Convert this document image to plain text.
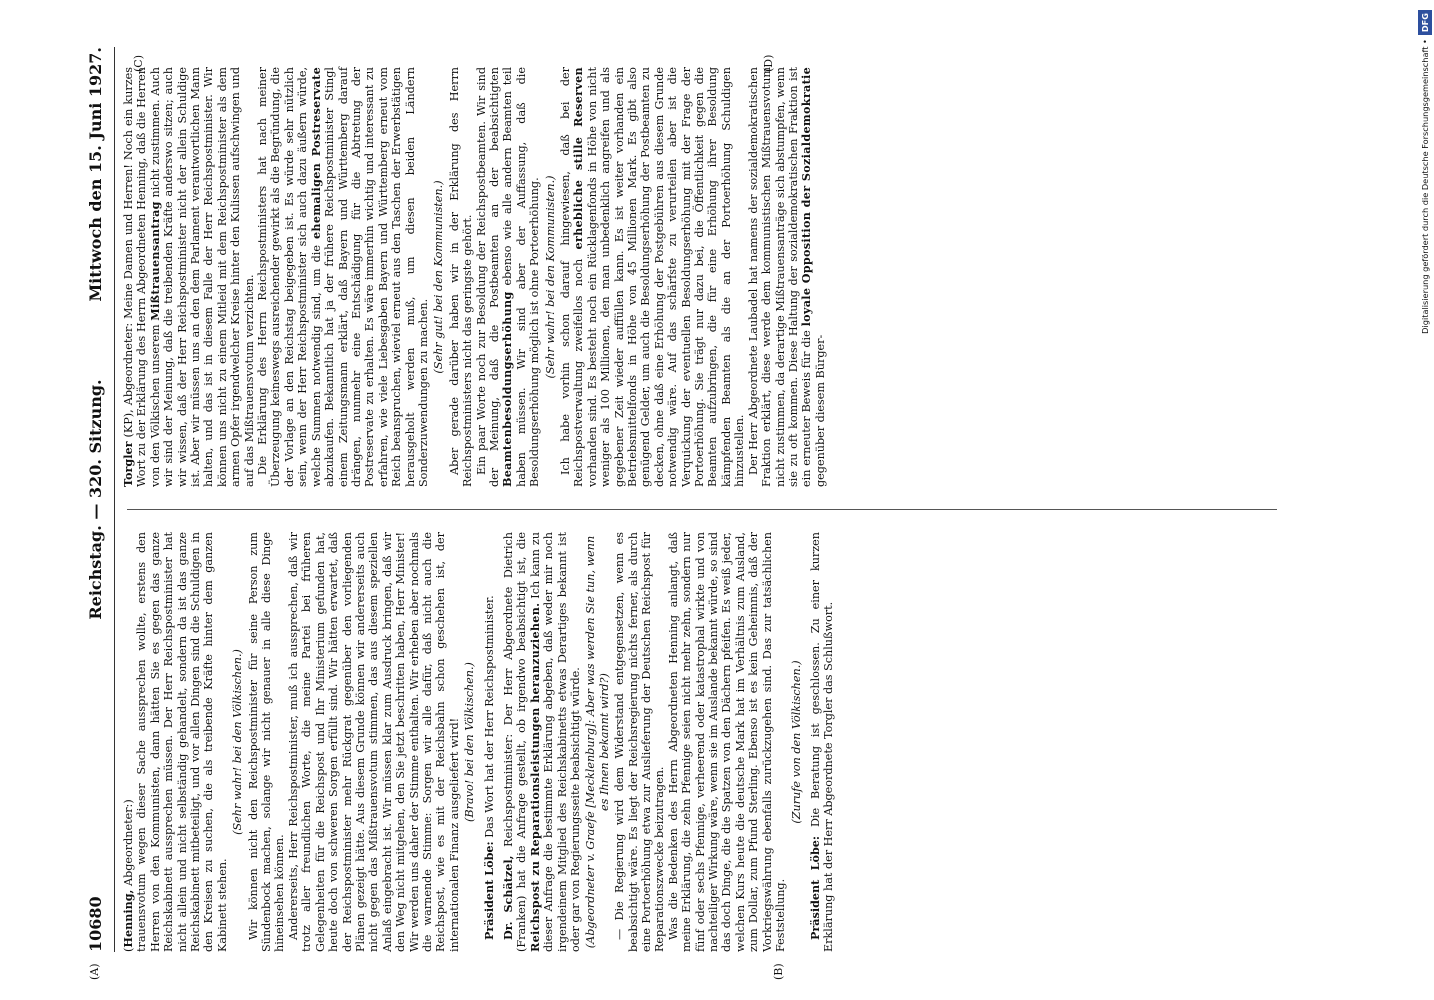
10680
Reichstag. — 320. Sitzung.
Mittwoch den 15. Juni 1927.

(Henning, Abgeordneter:) trauensvotum wegen dieser Sache aussprechen wollte, erstens den Herren von den Kommunisten, dann hätten Sie es gegen das ganze Reichskabinett aussprechen müssen. Der Herr Reichspostminister hat nicht allein und nicht selbständig gehandelt, sondern da ist das ganze Reichskabinett mitbeteiligt, und vor allen Dingen sind die Schuldigen in den Kreisen zu suchen, die als treibende Kräfte hinter dem ganzen Kabinett stehen.

(Sehr wahr! bei den Völkischen.) Wir können nicht den Reichspostminister für seine Person zum Sündenbock machen, solange wir nicht genauer in alle diese Dinge hineinsehen können. Andererseits, Herr Reichspostminister, muß ich aussprechen, daß wir trotz aller freundlichen Worte, die meine Partei bei früheren Gelegenheiten für die Reichspost und Ihr Ministerium gefunden hat, heute doch von schweren Sorgen erfüllt sind. Wir hätten erwartet, daß der Reichspostminister mehr Rückgrat gegenüber den vorliegenden Plänen gezeigt hätte. Aus diesem Grunde können wir andererseits auch nicht gegen das Mißtrauensvotum stimmen, das aus diesem speziellen Anlaß eingebracht ist. Wir müssen klar zum Ausdruck bringen, daß wir den Weg nicht mitgehen, den Sie jetzt beschritten haben, Herr Minister! Wir werden uns daher der Stimme enthalten. Wir erheben aber nochmals die warnende Stimme: Sorgen wir alle dafür, daß nicht auch die Reichspost, wie es mit der Reichsbahn schon geschehen ist, der internationalen Finanz ausgeliefert wird! (Bravo! bei den Völkischen.)

Präsident Löbe: Das Wort hat der Herr Reichspostminister.

Dr. Schätzel, Reichspostminister: Der Herr Abgeordnete Dietrich (Franken) hat die Anfrage gestellt, ob irgendwo beabsichtigt ist, die Reichspost zu Reparationsleistungen heranzuziehen. Ich kann zu dieser Anfrage die bestimmte Erklärung abgeben, daß weder mir noch irgendeinem Mitglied des Reichskabinetts etwas Derartiges bekannt ist oder gar von Regierungsseite beabsichtigt würde. (Abgeordneter v. Graefe [Mecklenburg]: Aber was werden Sie tun, wenn es Ihnen bekannt wird?) — Die Regierung wird dem Widerstand entgegensetzen, wenn es beabsichtigt wäre. Es liegt der Reichsregierung nichts ferner, als durch eine Portoerhöhung etwa zur Auslieferung der Deutschen Reichspost für Reparationszwecke beizutragen. Was die Bedenken des Herrn Abgeordneten Henning anlangt, daß meine Erklärung, die zehn Pfennige seien nicht mehr zehn, sondern nur fünf oder sechs Pfennige, verheerend oder katastrophal wirkte und von nachteiliger Wirkung wäre, wenn sie im Auslande bekannt würde, so sind das doch Dinge, die die Spatzen von den Dächern pfeifen. Es weiß jeder, welchen Kurs heute die deutsche Mark hat im Verhältnis zum Ausland, zum Dollar, zum Pfund Sterling. Ebenso ist es kein Geheimnis, daß der Vorkriegswährung ebenfalls zurückzugehen sind. Das zur tatsächlichen Feststellung.

(Zurufe von den Völkischen.)

Präsident Löbe: Die Beratung ist geschlossen. Zu einer kurzen Erklärung hat der Herr Abgeordnete Torgler das Schlußwort.

Torgler (KP), Abgeordneter: Meine Damen und Herren! Noch ein kurzes Wort zu der Erklärung des Herrn Abgeordneten Henning, daß die Herren von den Völkischen unserem Mißtrauensantrag nicht zustimmen. Auch wir sind der Meinung, daß die treibenden Kräfte anderswo sitzen; auch wir wissen, daß der Herr Reichspostminister nicht der allein Schuldige ist. Aber wir müssen uns an den dem Parlament verantwortlichen Mann halten, und das ist in diesem Falle der Herr Reichspostminister. Wir können uns nicht zu einem Mitleid mit dem Reichspostminister als dem armen Opfer irgendwelcher Kreise hinter den Kulissen aufschwingen und auf das Mißtrauensvotum verzichten. Die Erklärung des Herrn Reichspostministers hat nach meiner Überzeugung keineswegs ausreichender gewirkt als die Begründung, die der Vorlage an den Reichstag beigegeben ist. Es würde sehr nützlich sein, wenn der Herr Reichspostminister sich auch dazu äußern würde, welche Summen notwendig sind, um die ehemaligen Postreservate abzukaufen. Bekanntlich hat ja der frühere Reichspostminister Stingl einem Zeitungsmann erklärt, daß Bayern und Württemberg darauf drängen, nunmehr eine Entschädigung für die Abtretung der Postreservate zu erhalten. Es wäre immerhin wichtig und interessant zu erfahren, wie viele Liebesgaben Bayern und Württemberg erneut vom Reich beanspruchen, wieviel erneut aus den Taschen der Erwerbstätigen herausgeholt werden muß, um diesen beiden Ländern Sonderzuwendungen zu machen.

(Sehr gut! bei den Kommunisten.) Aber gerade darüber haben wir in der Erklärung des Herrn Reichspostministers nicht das geringste gehört. Ein paar Worte noch zur Besoldung der Reichspostbeamten. Wir sind der Meinung, daß die Postbeamten an der beabsichtigten Beamtenbesoldungserhöhung ebenso wie alle andern Beamten teil haben müssen. Wir sind aber der Auffassung, daß die Besoldungserhöhung möglich ist ohne Portoerhöhung. (Sehr wahr! bei den Kommunisten.) Ich habe vorhin schon darauf hingewiesen, daß bei der Reichspostverwaltung zweifellos noch erhebliche stille Reserven vorhanden sind. Es besteht noch ein Rücklagenfonds in Höhe von nicht weniger als 100 Millionen, den man unbedenklich angreifen und als gegebener Zeit wieder auffüllen kann. Es ist weiter vorhanden ein Betriebsmittelfonds in Höhe von 45 Millionen Mark. Es gibt also genügend Gelder, um auch die Besoldungserhöhung der Postbeamten zu decken, ohne daß eine Erhöhung der Postgebühren aus diesem Grunde notwendig wäre. Auf das schärfste zu verurteilen aber ist die Verquickung der eventuellen Besoldungserhöhung mit der Frage der Portoerhöhung. Sie trägt nur dazu bei, die Öffentlichkeit gegen die Beamten aufzubringen, die für eine Erhöhung ihrer Besoldung kämpfenden Beamten als die an der Portoerhöhung Schuldigen hinzustellen. Der Herr Abgeordnete Laubadel hat namens der sozialdemokratischen Fraktion erklärt, diese werde dem kommunistischen Mißtrauensvotum nicht zustimmen, da derartige Mißtrauensanträge sich abstumpfen, wenn sie zu oft kommen. Diese Haltung der sozialdemokratischen Fraktion ist ein erneuter Beweis für die loyale Opposition der Sozialdemokratie gegenüber diesem Bürger-

(A)	(B)
(C)	(D)	Digitalisierung gefördert durch die Deutsche Forschungsgemeinschaft •DFG
